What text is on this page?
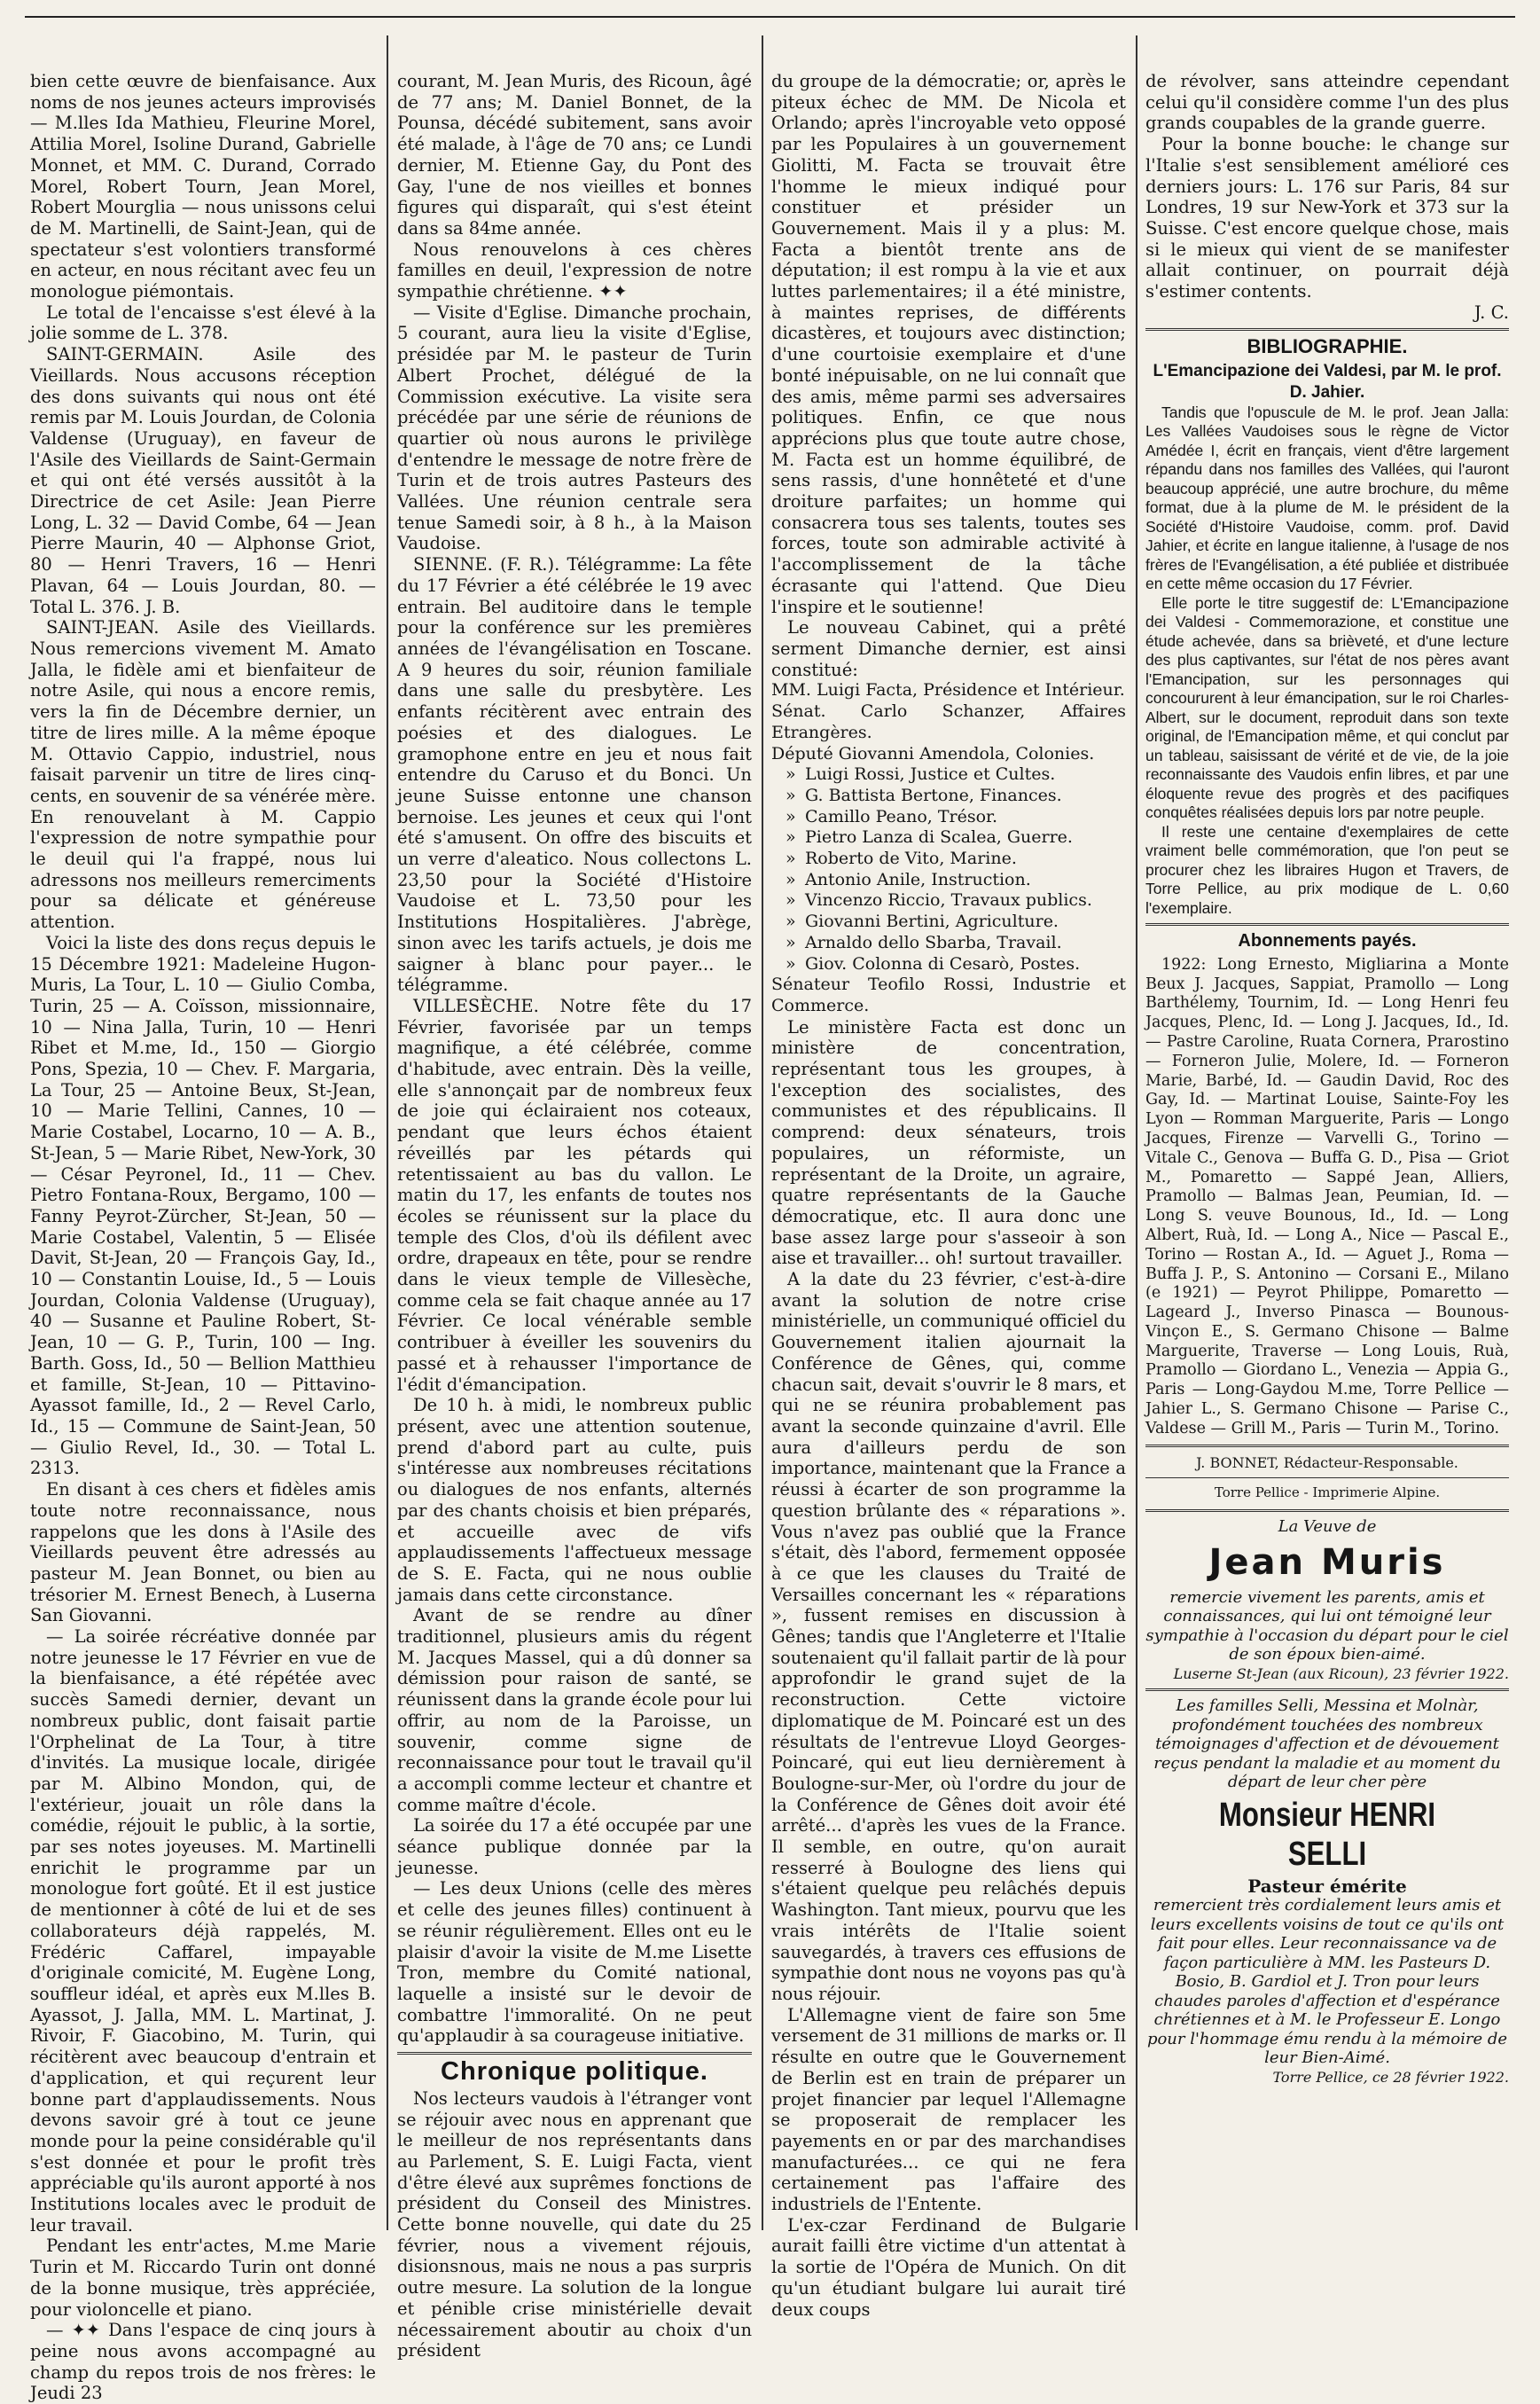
bien cette œuvre de bienfaisance. Aux noms de nos jeunes acteurs improvisés — M.lles Ida Mathieu, Fleurine Morel, Attilia Morel, Isoline Durand, Gabrielle Monnet, et MM. C. Durand, Corrado Morel, Robert Tourn, Jean Morel, Robert Mourglia — nous unissons celui de M. Martinelli, de Saint-Jean, qui de spectateur s'est volontiers transformé en acteur, en nous récitant avec feu un monologue piémontais.

Le total de l'encaisse s'est élevé à la jolie somme de L. 378.

SAINT-GERMAIN. Asile des Vieillards. Nous accusons réception des dons suivants qui nous ont été remis par M. Louis Jourdan, de Colonia Valdense (Uruguay), en faveur de l'Asile des Vieillards de Saint-Germain et qui ont été versés aussitôt à la Directrice de cet Asile: Jean Pierre Long, L. 32 — David Combe, 64 — Jean Pierre Maurin, 40 — Alphonse Griot, 80 — Henri Travers, 16 — Henri Plavan, 64 — Louis Jourdan, 80. — Total L. 376. J. B.

SAINT-JEAN. Asile des Vieillards. Nous remercions vivement M. Amato Jalla, le fidèle ami et bienfaiteur de notre Asile, qui nous a encore remis, vers la fin de Décembre dernier, un titre de lires mille. A la même époque M. Ottavio Cappio, industriel, nous faisait parvenir un titre de lires cinq-cents, en souvenir de sa vénérée mère. En renouvelant à M. Cappio l'expression de notre sympathie pour le deuil qui l'a frappé, nous lui adressons nos meilleurs remerciments pour sa délicate et généreuse attention.

Voici la liste des dons reçus depuis le 15 Décembre 1921: Madeleine Hugon-Muris, La Tour, L. 10 — Giulio Comba, Turin, 25 — A. Coïsson, missionnaire, 10 — Nina Jalla, Turin, 10 — Henri Ribet et M.me, Id., 150 — Giorgio Pons, Spezia, 10 — Chev. F. Margaria, La Tour, 25 — Antoine Beux, St-Jean, 10 — Marie Tellini, Cannes, 10 — Marie Costabel, Locarno, 10 — A. B., St-Jean, 5 — Marie Ribet, New-York, 30 — César Peyronel, Id., 11 — Chev. Pietro Fontana-Roux, Bergamo, 100 — Fanny Peyrot-Zürcher, St-Jean, 50 — Marie Costabel, Valentin, 5 — Elisée Davit, St-Jean, 20 — François Gay, Id., 10 — Constantin Louise, Id., 5 — Louis Jourdan, Colonia Valdense (Uruguay), 40 — Susanne et Pauline Robert, St-Jean, 10 — G. P., Turin, 100 — Ing. Barth. Goss, Id., 50 — Bellion Matthieu et famille, St-Jean, 10 — Pittavino-Ayassot famille, Id., 2 — Revel Carlo, Id., 15 — Commune de Saint-Jean, 50 — Giulio Revel, Id., 30. — Total L. 2313.

En disant à ces chers et fidèles amis toute notre reconnaissance, nous rappelons que les dons à l'Asile des Vieillards peuvent être adressés au pasteur M. Jean Bonnet, ou bien au trésorier M. Ernest Benech, à Luserna San Giovanni.

— La soirée récréative donnée par notre jeunesse le 17 Février en vue de la bienfaisance, a été répétée avec succès Samedi dernier, devant un nombreux public, dont faisait partie l'Orphelinat de La Tour, à titre d'invités. La musique locale, dirigée par M. Albino Mondon, qui, de l'extérieur, jouait un rôle dans la comédie, réjouit le public, à la sortie, par ses notes joyeuses. M. Martinelli enrichit le programme par un monologue fort goûté. Et il est justice de mentionner à côté de lui et de ses collaborateurs déjà rappelés, M. Frédéric Caffarel, impayable d'originale comicité, M. Eugène Long, souffleur idéal, et après eux M.lles B. Ayassot, J. Jalla, MM. L. Martinat, J. Rivoir, F. Giacobino, M. Turin, qui récitèrent avec beaucoup d'entrain et d'application, et qui reçurent leur bonne part d'applaudissements. Nous devons savoir gré à tout ce jeune monde pour la peine considérable qu'il s'est donnée et pour le profit très appréciable qu'ils auront apporté à nos Institutions locales avec le produit de leur travail.

Pendant les entr'actes, M.me Marie Turin et M. Riccardo Turin ont donné de la bonne musique, très appréciée, pour violoncelle et piano.

— ✦✦ Dans l'espace de cinq jours à peine nous avons accompagné au champ du repos trois de nos frères: le Jeudi 23

courant, M. Jean Muris, des Ricoun, âgé de 77 ans; M. Daniel Bonnet, de la Pounsa, décédé subitement, sans avoir été malade, à l'âge de 70 ans; ce Lundi dernier, M. Etienne Gay, du Pont des Gay, l'une de nos vieilles et bonnes figures qui disparaît, qui s'est éteint dans sa 84me année.

Nous renouvelons à ces chères familles en deuil, l'expression de notre sympathie chrétienne. ✦✦

— Visite d'Eglise. Dimanche prochain, 5 courant, aura lieu la visite d'Eglise, présidée par M. le pasteur de Turin Albert Prochet, délégué de la Commission exécutive. La visite sera précédée par une série de réunions de quartier où nous aurons le privilège d'entendre le message de notre frère de Turin et de trois autres Pasteurs des Vallées. Une réunion centrale sera tenue Samedi soir, à 8 h., à la Maison Vaudoise.

SIENNE. (F. R.). Télégramme: La fête du 17 Février a été célébrée le 19 avec entrain. Bel auditoire dans le temple pour la conférence sur les premières années de l'évangélisation en Toscane. A 9 heures du soir, réunion familiale dans une salle du presbytère. Les enfants récitèrent avec entrain des poésies et des dialogues. Le gramophone entre en jeu et nous fait entendre du Caruso et du Bonci. Un jeune Suisse entonne une chanson bernoise. Les jeunes et ceux qui l'ont été s'amusent. On offre des biscuits et un verre d'aleatico. Nous collectons L. 23,50 pour la Société d'Histoire Vaudoise et L. 73,50 pour les Institutions Hospitalières. J'abrège, sinon avec les tarifs actuels, je dois me saigner à blanc pour payer... le télégramme.

VILLESÈCHE. Notre fête du 17 Février, favorisée par un temps magnifique, a été célébrée, comme d'habitude, avec entrain. Dès la veille, elle s'annonçait par de nombreux feux de joie qui éclairaient nos coteaux, pendant que leurs échos étaient réveillés par les pétards qui retentissaient au bas du vallon. Le matin du 17, les enfants de toutes nos écoles se réunissent sur la place du temple des Clos, d'où ils défilent avec ordre, drapeaux en tête, pour se rendre dans le vieux temple de Villesèche, comme cela se fait chaque année au 17 Février. Ce local vénérable semble contribuer à éveiller les souvenirs du passé et à rehausser l'importance de l'édit d'émancipation.

De 10 h. à midi, le nombreux public présent, avec une attention soutenue, prend d'abord part au culte, puis s'intéresse aux nombreuses récitations ou dialogues de nos enfants, alternés par des chants choisis et bien préparés, et accueille avec de vifs applaudissements l'affectueux message de S. E. Facta, qui ne nous oublie jamais dans cette circonstance.

Avant de se rendre au dîner traditionnel, plusieurs amis du régent M. Jacques Massel, qui a dû donner sa démission pour raison de santé, se réunissent dans la grande école pour lui offrir, au nom de la Paroisse, un souvenir, comme signe de reconnaissance pour tout le travail qu'il a accompli comme lecteur et chantre et comme maître d'école.

La soirée du 17 a été occupée par une séance publique donnée par la jeunesse.

— Les deux Unions (celle des mères et celle des jeunes filles) continuent à se réunir régulièrement. Elles ont eu le plaisir d'avoir la visite de M.me Lisette Tron, membre du Comité national, laquelle a insisté sur le devoir de combattre l'immoralité. On ne peut qu'applaudir à sa courageuse initiative.

Chronique politique.

Nos lecteurs vaudois à l'étranger vont se réjouir avec nous en apprenant que le meilleur de nos représentants dans au Parlement, S. E. Luigi Facta, vient d'être élevé aux suprêmes fonctions de président du Conseil des Ministres. Cette bonne nouvelle, qui date du 25 février, nous a vivement réjouis, disionsnous, mais ne nous a pas surpris outre mesure. La solution de la longue et pénible crise ministérielle devait nécessairement aboutir au choix d'un président

du groupe de la démocratie; or, après le piteux échec de MM. De Nicola et Orlando; après l'incroyable veto opposé par les Populaires à un gouvernement Giolitti, M. Facta se trouvait être l'homme le mieux indiqué pour constituer et présider un Gouvernement. Mais il y a plus: M. Facta a bientôt trente ans de députation; il est rompu à la vie et aux luttes parlementaires; il a été ministre, à maintes reprises, de différents dicastères, et toujours avec distinction; d'une courtoisie exemplaire et d'une bonté inépuisable, on ne lui connaît que des amis, même parmi ses adversaires politiques. Enfin, ce que nous apprécions plus que toute autre chose, M. Facta est un homme équilibré, de sens rassis, d'une honnêteté et d'une droiture parfaites; un homme qui consacrera tous ses talents, toutes ses forces, toute son admirable activité à l'accomplissement de la tâche écrasante qui l'attend. Que Dieu l'inspire et le soutienne!

Le nouveau Cabinet, qui a prêté serment Dimanche dernier, est ainsi constitué:

MM. Luigi Facta, Présidence et Intérieur.

Sénat. Carlo Schanzer, Affaires Etrangères.

Député Giovanni Amendola, Colonies.

» Luigi Rossi, Justice et Cultes.
» G. Battista Bertone, Finances.
» Camillo Peano, Trésor.
» Pietro Lanza di Scalea, Guerre.
» Roberto de Vito, Marine.
» Antonio Anile, Instruction.
» Vincenzo Riccio, Travaux publics.
» Giovanni Bertini, Agriculture.
» Arnaldo dello Sbarba, Travail.
» Giov. Colonna di Cesarò, Postes.

Sénateur Teofilo Rossi, Industrie et Commerce.

Le ministère Facta est donc un ministère de concentration, représentant tous les groupes, à l'exception des socialistes, des communistes et des républicains. Il comprend: deux sénateurs, trois populaires, un réformiste, un représentant de la Droite, un agraire, quatre représentants de la Gauche démocratique, etc. Il aura donc une base assez large pour s'asseoir à son aise et travailler... oh! surtout travailler.

A la date du 23 février, c'est-à-dire avant la solution de notre crise ministérielle, un communiqué officiel du Gouvernement italien ajournait la Conférence de Gênes, qui, comme chacun sait, devait s'ouvrir le 8 mars, et qui ne se réunira probablement pas avant la seconde quinzaine d'avril. Elle aura d'ailleurs perdu de son importance, maintenant que la France a réussi à écarter de son programme la question brûlante des « réparations ». Vous n'avez pas oublié que la France s'était, dès l'abord, fermement opposée à ce que les clauses du Traité de Versailles concernant les « réparations », fussent remises en discussion à Gênes; tandis que l'Angleterre et l'Italie soutenaient qu'il fallait partir de là pour approfondir le grand sujet de la reconstruction. Cette victoire diplomatique de M. Poincaré est un des résultats de l'entrevue Lloyd Georges-Poincaré, qui eut lieu dernièrement à Boulogne-sur-Mer, où l'ordre du jour de la Conférence de Gênes doit avoir été arrêté... d'après les vues de la France. Il semble, en outre, qu'on aurait resserré à Boulogne des liens qui s'étaient quelque peu relâchés depuis Washington. Tant mieux, pourvu que les vrais intérêts de l'Italie soient sauvegardés, à travers ces effusions de sympathie dont nous ne voyons pas qu'à nous réjouir.

L'Allemagne vient de faire son 5me versement de 31 millions de marks or. Il résulte en outre que le Gouvernement de Berlin est en train de préparer un projet financier par lequel l'Allemagne se proposerait de remplacer les payements en or par des marchandises manufacturées... ce qui ne fera certainement pas l'affaire des industriels de l'Entente.

L'ex-czar Ferdinand de Bulgarie aurait failli être victime d'un attentat à la sortie de l'Opéra de Munich. On dit qu'un étudiant bulgare lui aurait tiré deux coups

de révolver, sans atteindre cependant celui qu'il considère comme l'un des plus grands coupables de la grande guerre.

Pour la bonne bouche: le change sur l'Italie s'est sensiblement amélioré ces derniers jours: L. 176 sur Paris, 84 sur Londres, 19 sur New-York et 373 sur la Suisse. C'est encore quelque chose, mais si le mieux qui vient de se manifester allait continuer, on pourrait déjà s'estimer contents.

J. C.
BIBLIOGRAPHIE.
L'Emancipazione dei Valdesi, par M. le prof. D. Jahier.

Tandis que l'opuscule de M. le prof. Jean Jalla: Les Vallées Vaudoises sous le règne de Victor Amédée I, écrit en français, vient d'être largement répandu dans nos familles des Vallées, qui l'auront beaucoup apprécié, une autre brochure, du même format, due à la plume de M. le président de la Société d'Histoire Vaudoise, comm. prof. David Jahier, et écrite en langue italienne, à l'usage de nos frères de l'Evangélisation, a été publiée et distribuée en cette même occasion du 17 Février.

Elle porte le titre suggestif de: L'Emancipazione dei Valdesi - Commemorazione, et constitue une étude achevée, dans sa brièveté, et d'une lecture des plus captivantes, sur l'état de nos pères avant l'Emancipation, sur les personnages qui concoururent à leur émancipation, sur le roi Charles-Albert, sur le document, reproduit dans son texte original, de l'Emancipation même, et qui conclut par un tableau, saisissant de vérité et de vie, de la joie reconnaissante des Vaudois enfin libres, et par une éloquente revue des progrès et des pacifiques conquêtes réalisées depuis lors par notre peuple.

Il reste une centaine d'exemplaires de cette vraiment belle commémoration, que l'on peut se procurer chez les libraires Hugon et Travers, de Torre Pellice, au prix modique de L. 0,60 l'exemplaire.

Abonnements payés.

1922: Long Ernesto, Migliarina a Monte Beux J. Jacques, Sappiat, Pramollo — Long Barthélemy, Tournim, Id. — Long Henri feu Jacques, Plenc, Id. — Long J. Jacques, Id., Id. — Pastre Caroline, Ruata Cornera, Prarostino — Forneron Julie, Molere, Id. — Forneron Marie, Barbé, Id. — Gaudin David, Roc des Gay, Id. — Martinat Louise, Sainte-Foy les Lyon — Romman Marguerite, Paris — Longo Jacques, Firenze — Varvelli G., Torino — Vitale C., Genova — Buffa G. D., Pisa — Griot M., Pomaretto — Sappé Jean, Alliers, Pramollo — Balmas Jean, Peumian, Id. — Long S. veuve Bounous, Id., Id. — Long Albert, Ruà, Id. — Long A., Nice — Pascal E., Torino — Rostan A., Id. — Aguet J., Roma — Buffa J. P., S. Antonino — Corsani E., Milano (e 1921) — Peyrot Philippe, Pomaretto — Lageard J., Inverso Pinasca — Bounous-Vinçon E., S. Germano Chisone — Balme Marguerite, Traverse — Long Louis, Ruà, Pramollo — Giordano L., Venezia — Appia G., Paris — Long-Gaydou M.me, Torre Pellice — Jahier L., S. Germano Chisone — Parise C., Valdese — Grill M., Paris — Turin M., Torino.

J. BONNET, Rédacteur-Responsable.
Torre Pellice - Imprimerie Alpine.
La Veuve de
Jean Muris
remercie vivement les parents, amis et connaissances, qui lui ont témoigné leur sympathie à l'occasion du départ pour le ciel de son époux bien-aimé.
Luserne St-Jean (aux Ricoun), 23 février 1922.
Les familles Selli, Messina et Molnàr, profondément touchées des nombreux témoignages d'affection et de dévouement reçus pendant la maladie et au moment du départ de leur cher père
Monsieur HENRI SELLI
Pasteur émérite
remercient très cordialement leurs amis et leurs excellents voisins de tout ce qu'ils ont fait pour elles. Leur reconnaissance va de façon particulière à MM. les Pasteurs D. Bosio, B. Gardiol et J. Tron pour leurs chaudes paroles d'affection et d'espérance chrétiennes et à M. le Professeur E. Longo pour l'hommage ému rendu à la mémoire de leur Bien-Aimé.
Torre Pellice, ce 28 février 1922.
